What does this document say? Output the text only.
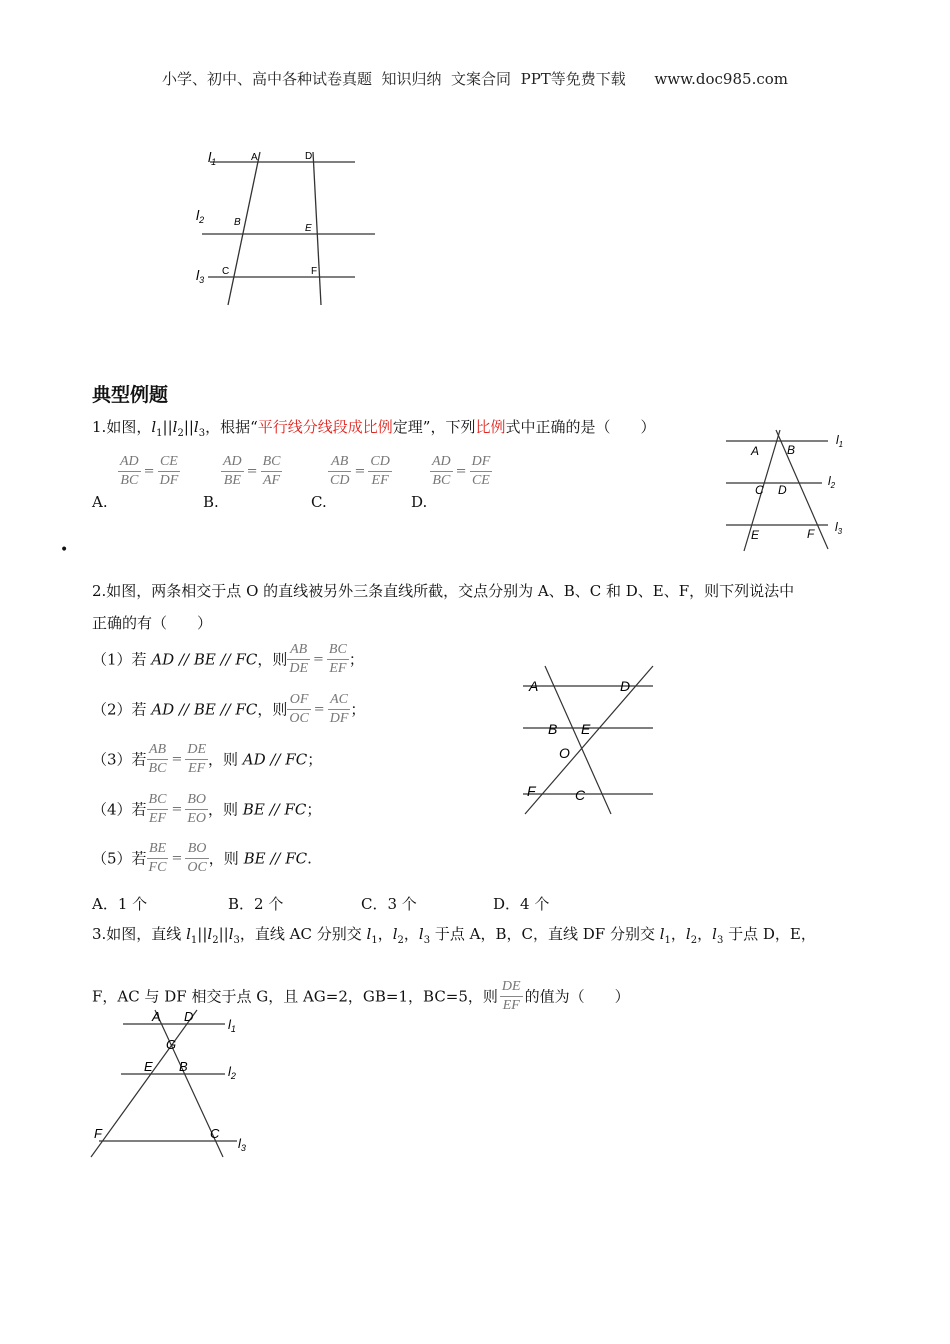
小学、初中、高中各种试卷真题  知识归纳  文案合同  PPT等免费下载      www.doc985.com
$l_1$
$l_2$
$l_3$
A	D
B
E
C	F
典型例题
1.如图，$l_1||l_2||l_3$，根据“平行线分线段成比例定理”，下列比例式中正确的是（　　）
$\frac{AD}{BC} = \frac{CE}{DF}$	$\frac{AD}{BE} = \frac{BC}{AF}$	$\frac{AB}{CD} = \frac{CD}{EF}$	$\frac{AD}{BC} = \frac{DF}{CE}$
A.	B.	C.	D.
A B
C D
E	F
$l_1$
$l_2$
$l_3$
•
2.如图，两条相交于点 O 的直线被另外三条直线所截，交点分别为 A、B、C 和 D、E、F，则下列说法中
正确的有（　　）
（1）若 AD // BE // FC，则 $\frac{AB}{DE} = \frac{BC}{EF}$ ；
（2）若 AD // BE // FC，则 $\frac{OF}{OC} = \frac{AC}{DF}$ ；
（3）若 $\frac{AB}{BC} = \frac{DE}{EF}$ ，则 AD // FC；
（4）若 $\frac{BC}{EF} = \frac{BO}{EO}$ ，则 BE // FC；
（5）若 $\frac{BE}{FC} = \frac{BO}{OC}$ ，则 BE // FC.
A．1 个	B．2 个	C．3 个	D．4 个
A	D
B E
O
F	C
3.如图，直线 $l_1||l_2||l_3$，直线 AC 分别交 $l_1$，$l_2$，$l_3$ 于点 A，B，C，直线 DF 分别交 $l_1$，$l_2$，$l_3$ 于点 D，E，
F，AC 与 DF 相交于点 G，且 AG=2，GB=1，BC=5，则 $\frac{DE}{EF}$ 的值为（　　）
A D
G
E B
F	C
$l_1$
$l_2$
$l_3$
